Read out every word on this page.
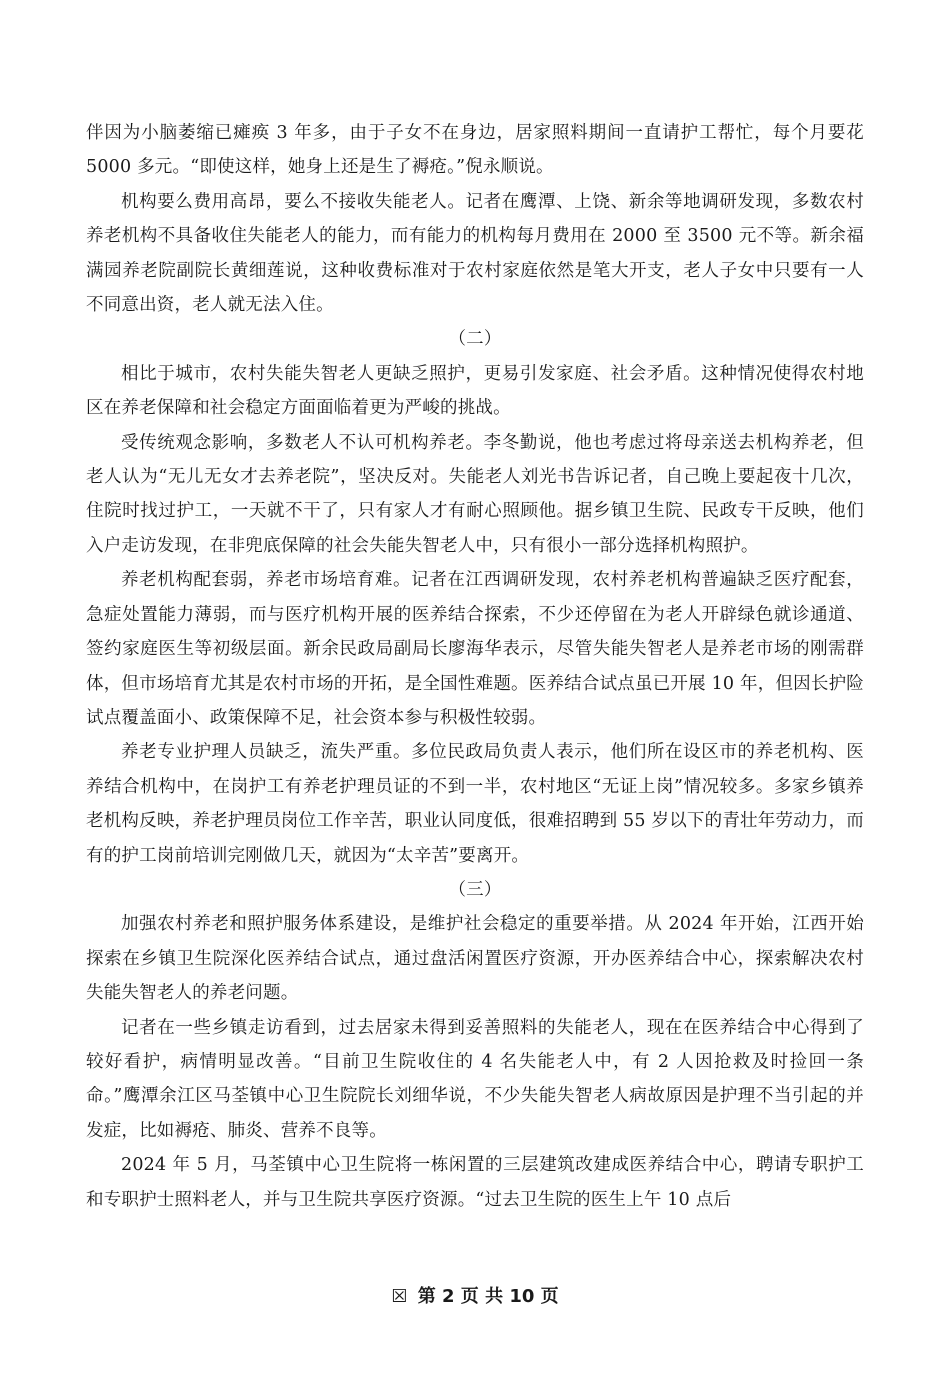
伴因为小脑萎缩已瘫痪 3 年多，由于子女不在身边，居家照料期间一直请护工帮忙，每个月要花 5000 多元。“即使这样，她身上还是生了褥疮。”倪永顺说。

机构要么费用高昂，要么不接收失能老人。记者在鹰潭、上饶、新余等地调研发现，多数农村养老机构不具备收住失能老人的能力，而有能力的机构每月费用在 2000 至 3500 元不等。新余福满园养老院副院长黄细莲说，这种收费标准对于农村家庭依然是笔大开支，老人子女中只要有一人不同意出资，老人就无法入住。

（二）

相比于城市，农村失能失智老人更缺乏照护，更易引发家庭、社会矛盾。这种情况使得农村地区在养老保障和社会稳定方面面临着更为严峻的挑战。

受传统观念影响，多数老人不认可机构养老。李冬勤说，他也考虑过将母亲送去机构养老，但老人认为“无儿无女才去养老院”，坚决反对。失能老人刘光书告诉记者，自己晚上要起夜十几次，住院时找过护工，一天就不干了，只有家人才有耐心照顾他。据乡镇卫生院、民政专干反映，他们入户走访发现，在非兜底保障的社会失能失智老人中，只有很小一部分选择机构照护。

养老机构配套弱，养老市场培育难。记者在江西调研发现，农村养老机构普遍缺乏医疗配套，急症处置能力薄弱，而与医疗机构开展的医养结合探索，不少还停留在为老人开辟绿色就诊通道、签约家庭医生等初级层面。新余民政局副局长廖海华表示，尽管失能失智老人是养老市场的刚需群体，但市场培育尤其是农村市场的开拓，是全国性难题。医养结合试点虽已开展 10 年，但因长护险试点覆盖面小、政策保障不足，社会资本参与积极性较弱。

养老专业护理人员缺乏，流失严重。多位民政局负责人表示，他们所在设区市的养老机构、医养结合机构中，在岗护工有养老护理员证的不到一半，农村地区“无证上岗”情况较多。多家乡镇养老机构反映，养老护理员岗位工作辛苦，职业认同度低，很难招聘到 55 岁以下的青壮年劳动力，而有的护工岗前培训完刚做几天，就因为“太辛苦”要离开。

（三）

加强农村养老和照护服务体系建设，是维护社会稳定的重要举措。从 2024 年开始，江西开始探索在乡镇卫生院深化医养结合试点，通过盘活闲置医疗资源，开办医养结合中心，探索解决农村失能失智老人的养老问题。

记者在一些乡镇走访看到，过去居家未得到妥善照料的失能老人，现在在医养结合中心得到了较好看护，病情明显改善。“目前卫生院收住的 4 名失能老人中，有 2 人因抢救及时捡回一条命。”鹰潭余江区马荃镇中心卫生院院长刘细华说，不少失能失智老人病故原因是护理不当引起的并发症，比如褥疮、肺炎、营养不良等。

2024 年 5 月，马荃镇中心卫生院将一栋闲置的三层建筑改建成医养结合中心，聘请专职护工和专职护士照料老人，并与卫生院共享医疗资源。“过去卫生院的医生上午 10 点后

☒ 第 2 页 共 10 页
